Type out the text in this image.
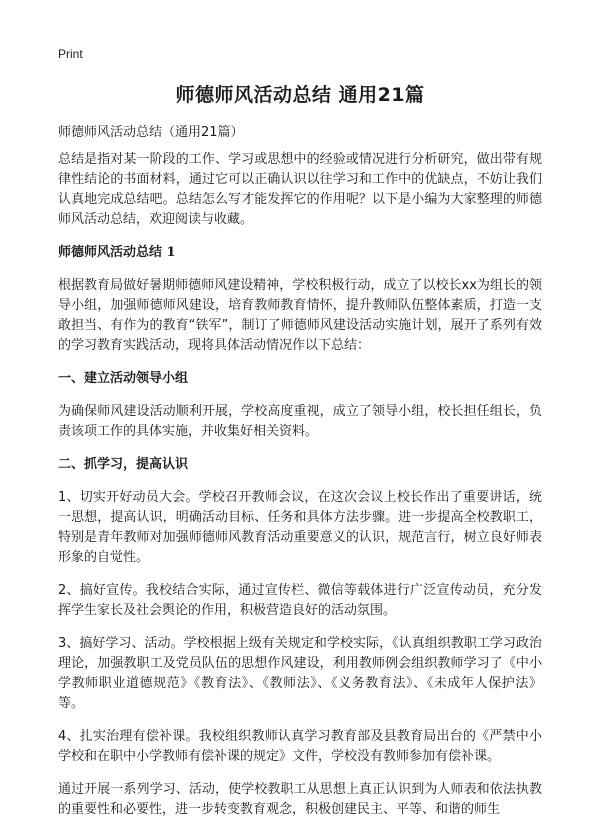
Print
师德师风活动总结 通用21篇
师德师风活动总结（通用21篇）

总结是指对某一阶段的工作、学习或思想中的经验或情况进行分析研究，做出带有规律性结论的书面材料，通过它可以正确认识以往学习和工作中的优缺点，不妨让我们认真地完成总结吧。总结怎么写才能发挥它的作用呢？以下是小编为大家整理的师德师风活动总结，欢迎阅读与收藏。

师德师风活动总结 1

根据教育局做好暑期师德师风建设精神，学校积极行动，成立了以校长xx为组长的领导小组，加强师德师风建设，培育教师教育情怀，提升教师队伍整体素质，打造一支敢担当、有作为的教育“铁军”，制订了师德师风建设活动实施计划，展开了系列有效的学习教育实践活动，现将具体活动情况作以下总结：

一、建立活动领导小组

为确保师风建设活动顺利开展，学校高度重视，成立了领导小组，校长担任组长，负责该项工作的具体实施，并收集好相关资料。

二、抓学习，提高认识

1、切实开好动员大会。学校召开教师会议，在这次会议上校长作出了重要讲话，统一思想，提高认识，明确活动目标、任务和具体方法步骤。进一步提高全校教职工，特别是青年教师对加强师德师风教育活动重要意义的认识，规范言行，树立良好师表形象的自觉性。

2、搞好宣传。我校结合实际，通过宣传栏、微信等载体进行广泛宣传动员，充分发挥学生家长及社会舆论的作用，积极营造良好的活动氛围。

3、搞好学习、活动。学校根据上级有关规定和学校实际，《认真组织教职工学习政治理论，加强教职工及党员队伍的思想作风建设，利用教师例会组织教师学习了《中小学教师职业道德规范》《教育法》、《教师法》、《义务教育法》、《未成年人保护法》等。

4、扎实治理有偿补课。我校组织教师认真学习教育部及县教育局出台的《严禁中小学校和在职中小学教师有偿补课的规定》文件，学校没有教师参加有偿补课。

通过开展一系列学习、活动，使学校教职工从思想上真正认识到为人师表和依法执教的重要性和必要性，进一步转变教育观念，积极创建民主、平等、和谐的师生
